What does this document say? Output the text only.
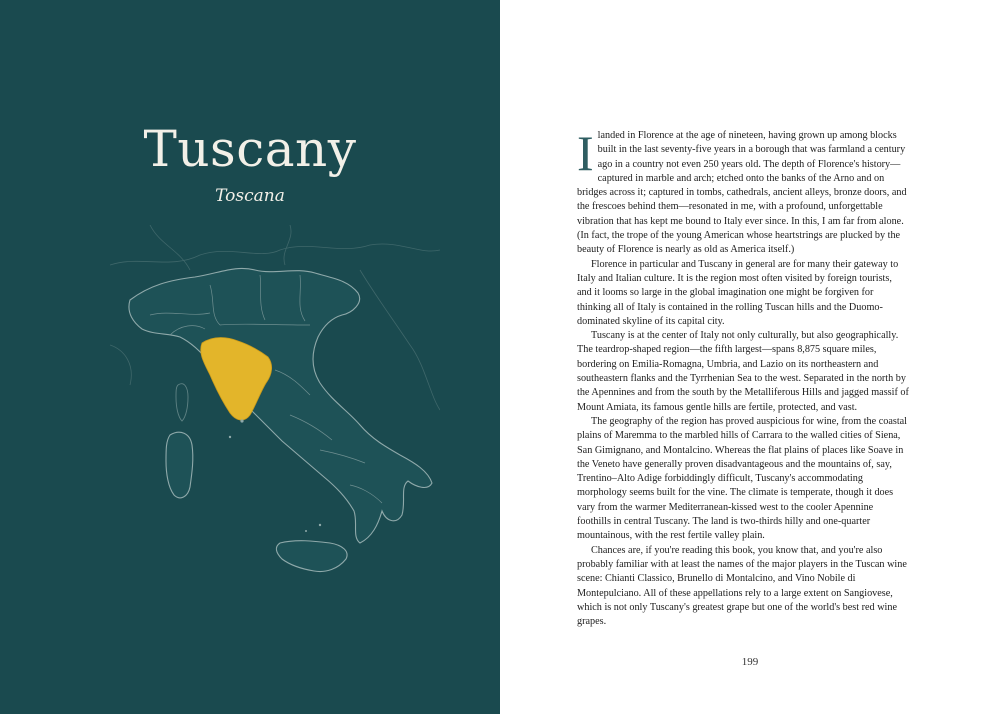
Tuscany
Toscana

I landed in Florence at the age of nineteen, having grown up among blocks built in the last seventy-five years in a borough that was farmland a century ago in a country not even 250 years old. The depth of Florence's history—captured in marble and arch; etched onto the banks of the Arno and on bridges across it; captured in tombs, cathedrals, ancient alleys, bronze doors, and the frescoes behind them—resonated in me, with a profound, unforgettable vibration that has kept me bound to Italy ever since. In this, I am far from alone. (In fact, the trope of the young American whose heartstrings are plucked by the beauty of Florence is nearly as old as America itself.)

Florence in particular and Tuscany in general are for many their gateway to Italy and Italian culture. It is the region most often visited by foreign tourists, and it looms so large in the global imagination one might be forgiven for thinking all of Italy is contained in the rolling Tuscan hills and the Duomo-dominated skyline of its capital city.

Tuscany is at the center of Italy not only culturally, but also geographically. The teardrop-shaped region—the fifth largest—spans 8,875 square miles, bordering on Emilia-Romagna, Umbria, and Lazio on its northeastern and southeastern flanks and the Tyrrhenian Sea to the west. Separated in the north by the Apennines and from the south by the Metalliferous Hills and jagged massif of Mount Amiata, its famous gentle hills are fertile, protected, and vast.

The geography of the region has proved auspicious for wine, from the coastal plains of Maremma to the marbled hills of Carrara to the walled cities of Siena, San Gimignano, and Montalcino. Whereas the flat plains of places like Soave in the Veneto have generally proven disadvantageous and the mountains of, say, Trentino–Alto Adige forbiddingly difficult, Tuscany's accommodating morphology seems built for the vine. The climate is temperate, though it does vary from the warmer Mediterranean-kissed west to the cooler Apennine foothills in central Tuscany. The land is two-thirds hilly and one-quarter mountainous, with the rest fertile valley plain.

Chances are, if you're reading this book, you know that, and you're also probably familiar with at least the names of the major players in the Tuscan wine scene: Chianti Classico, Brunello di Montalcino, and Vino Nobile di Montepulciano. All of these appellations rely to a large extent on Sangiovese, which is not only Tuscany's greatest grape but one of the world's best red wine grapes.

199
